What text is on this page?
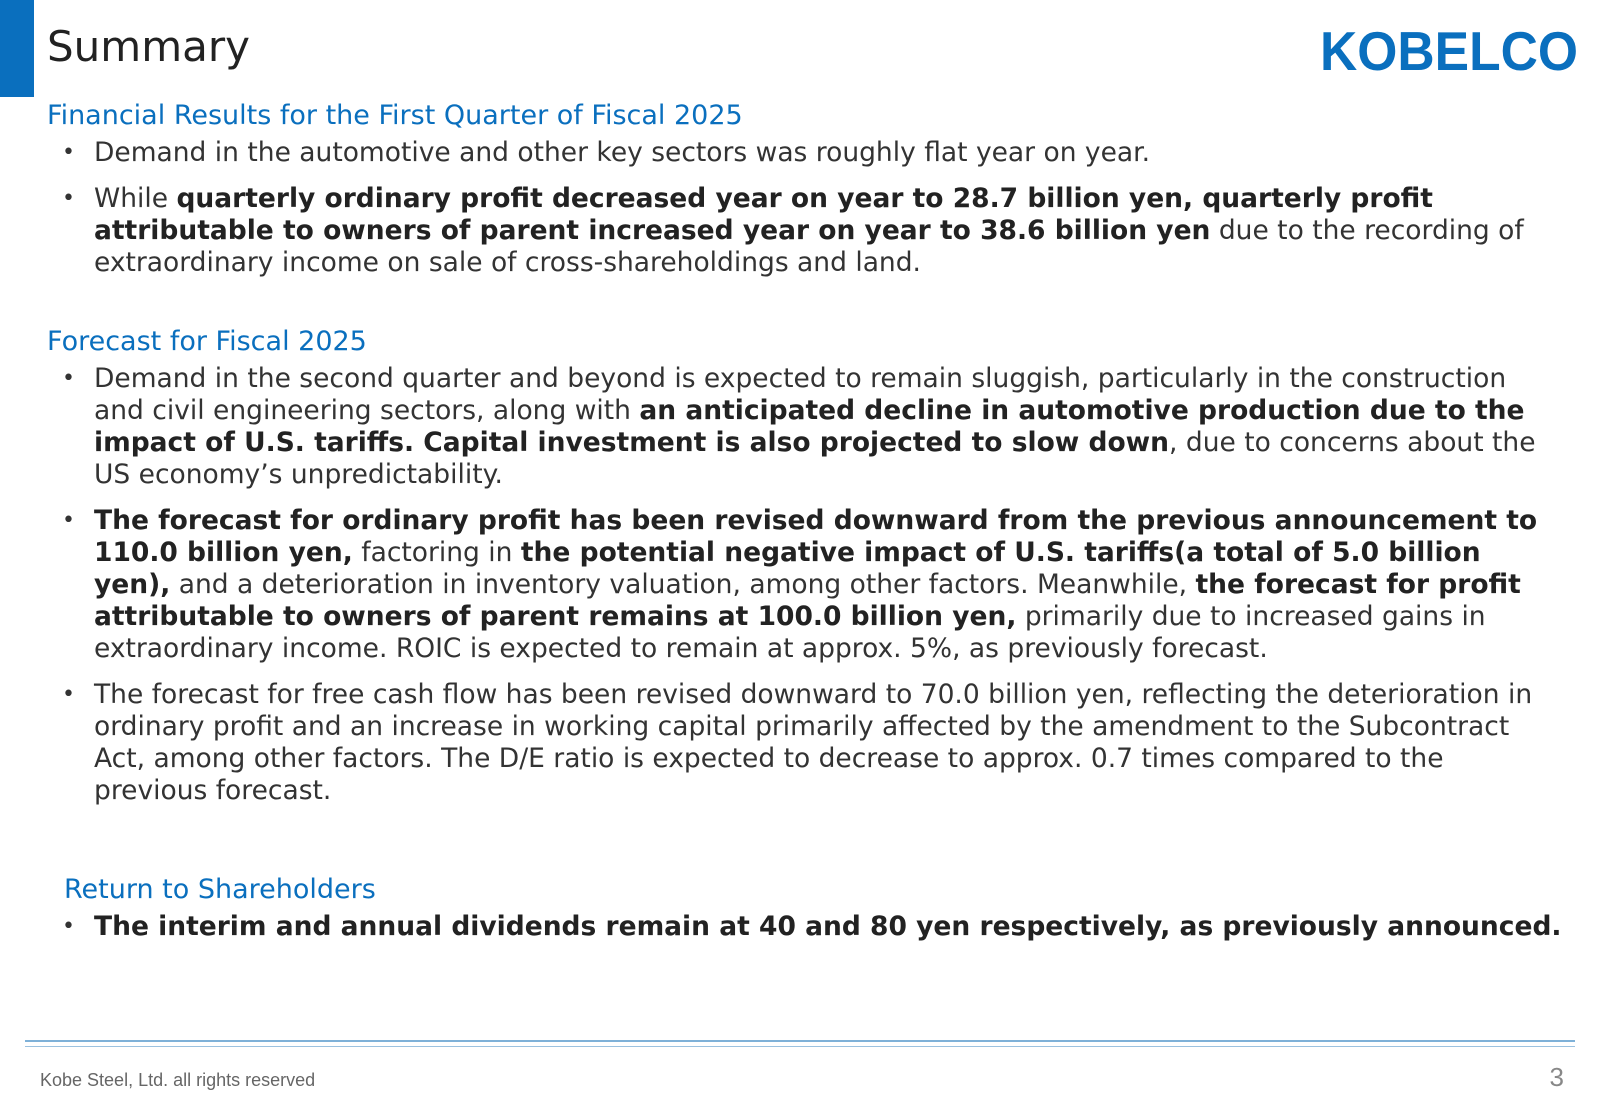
Summary	KOBELCO
Financial Results for the First Quarter of Fiscal 2025
• Demand in the automotive and other key sectors was roughly flat year on year.
• While quarterly ordinary profit decreased year on year to 28.7 billion yen, quarterly profit attributable to owners of parent increased year on year to 38.6 billion yen due to the recording of extraordinary income on sale of cross-shareholdings and land.
Forecast for Fiscal 2025
• Demand in the second quarter and beyond is expected to remain sluggish, particularly in the construction and civil engineering sectors, along with an anticipated decline in automotive production due to the impact of U.S. tariffs. Capital investment is also projected to slow down, due to concerns about the US economy’s unpredictability.
• The forecast for ordinary profit has been revised downward from the previous announcement to 110.0 billion yen, factoring in the potential negative impact of U.S. tariffs(a total of 5.0 billion yen), and a deterioration in inventory valuation, among other factors. Meanwhile, the forecast for profit attributable to owners of parent remains at 100.0 billion yen, primarily due to increased gains in extraordinary income. ROIC is expected to remain at approx. 5%, as previously forecast.
• The forecast for free cash flow has been revised downward to 70.0 billion yen, reflecting the deterioration in ordinary profit and an increase in working capital primarily affected by the amendment to the Subcontract Act, among other factors. The D/E ratio is expected to decrease to approx. 0.7 times compared to the previous forecast.
Return to Shareholders
• The interim and annual dividends remain at 40 and 80 yen respectively, as previously announced.
Kobe Steel, Ltd. all rights reserved	3
